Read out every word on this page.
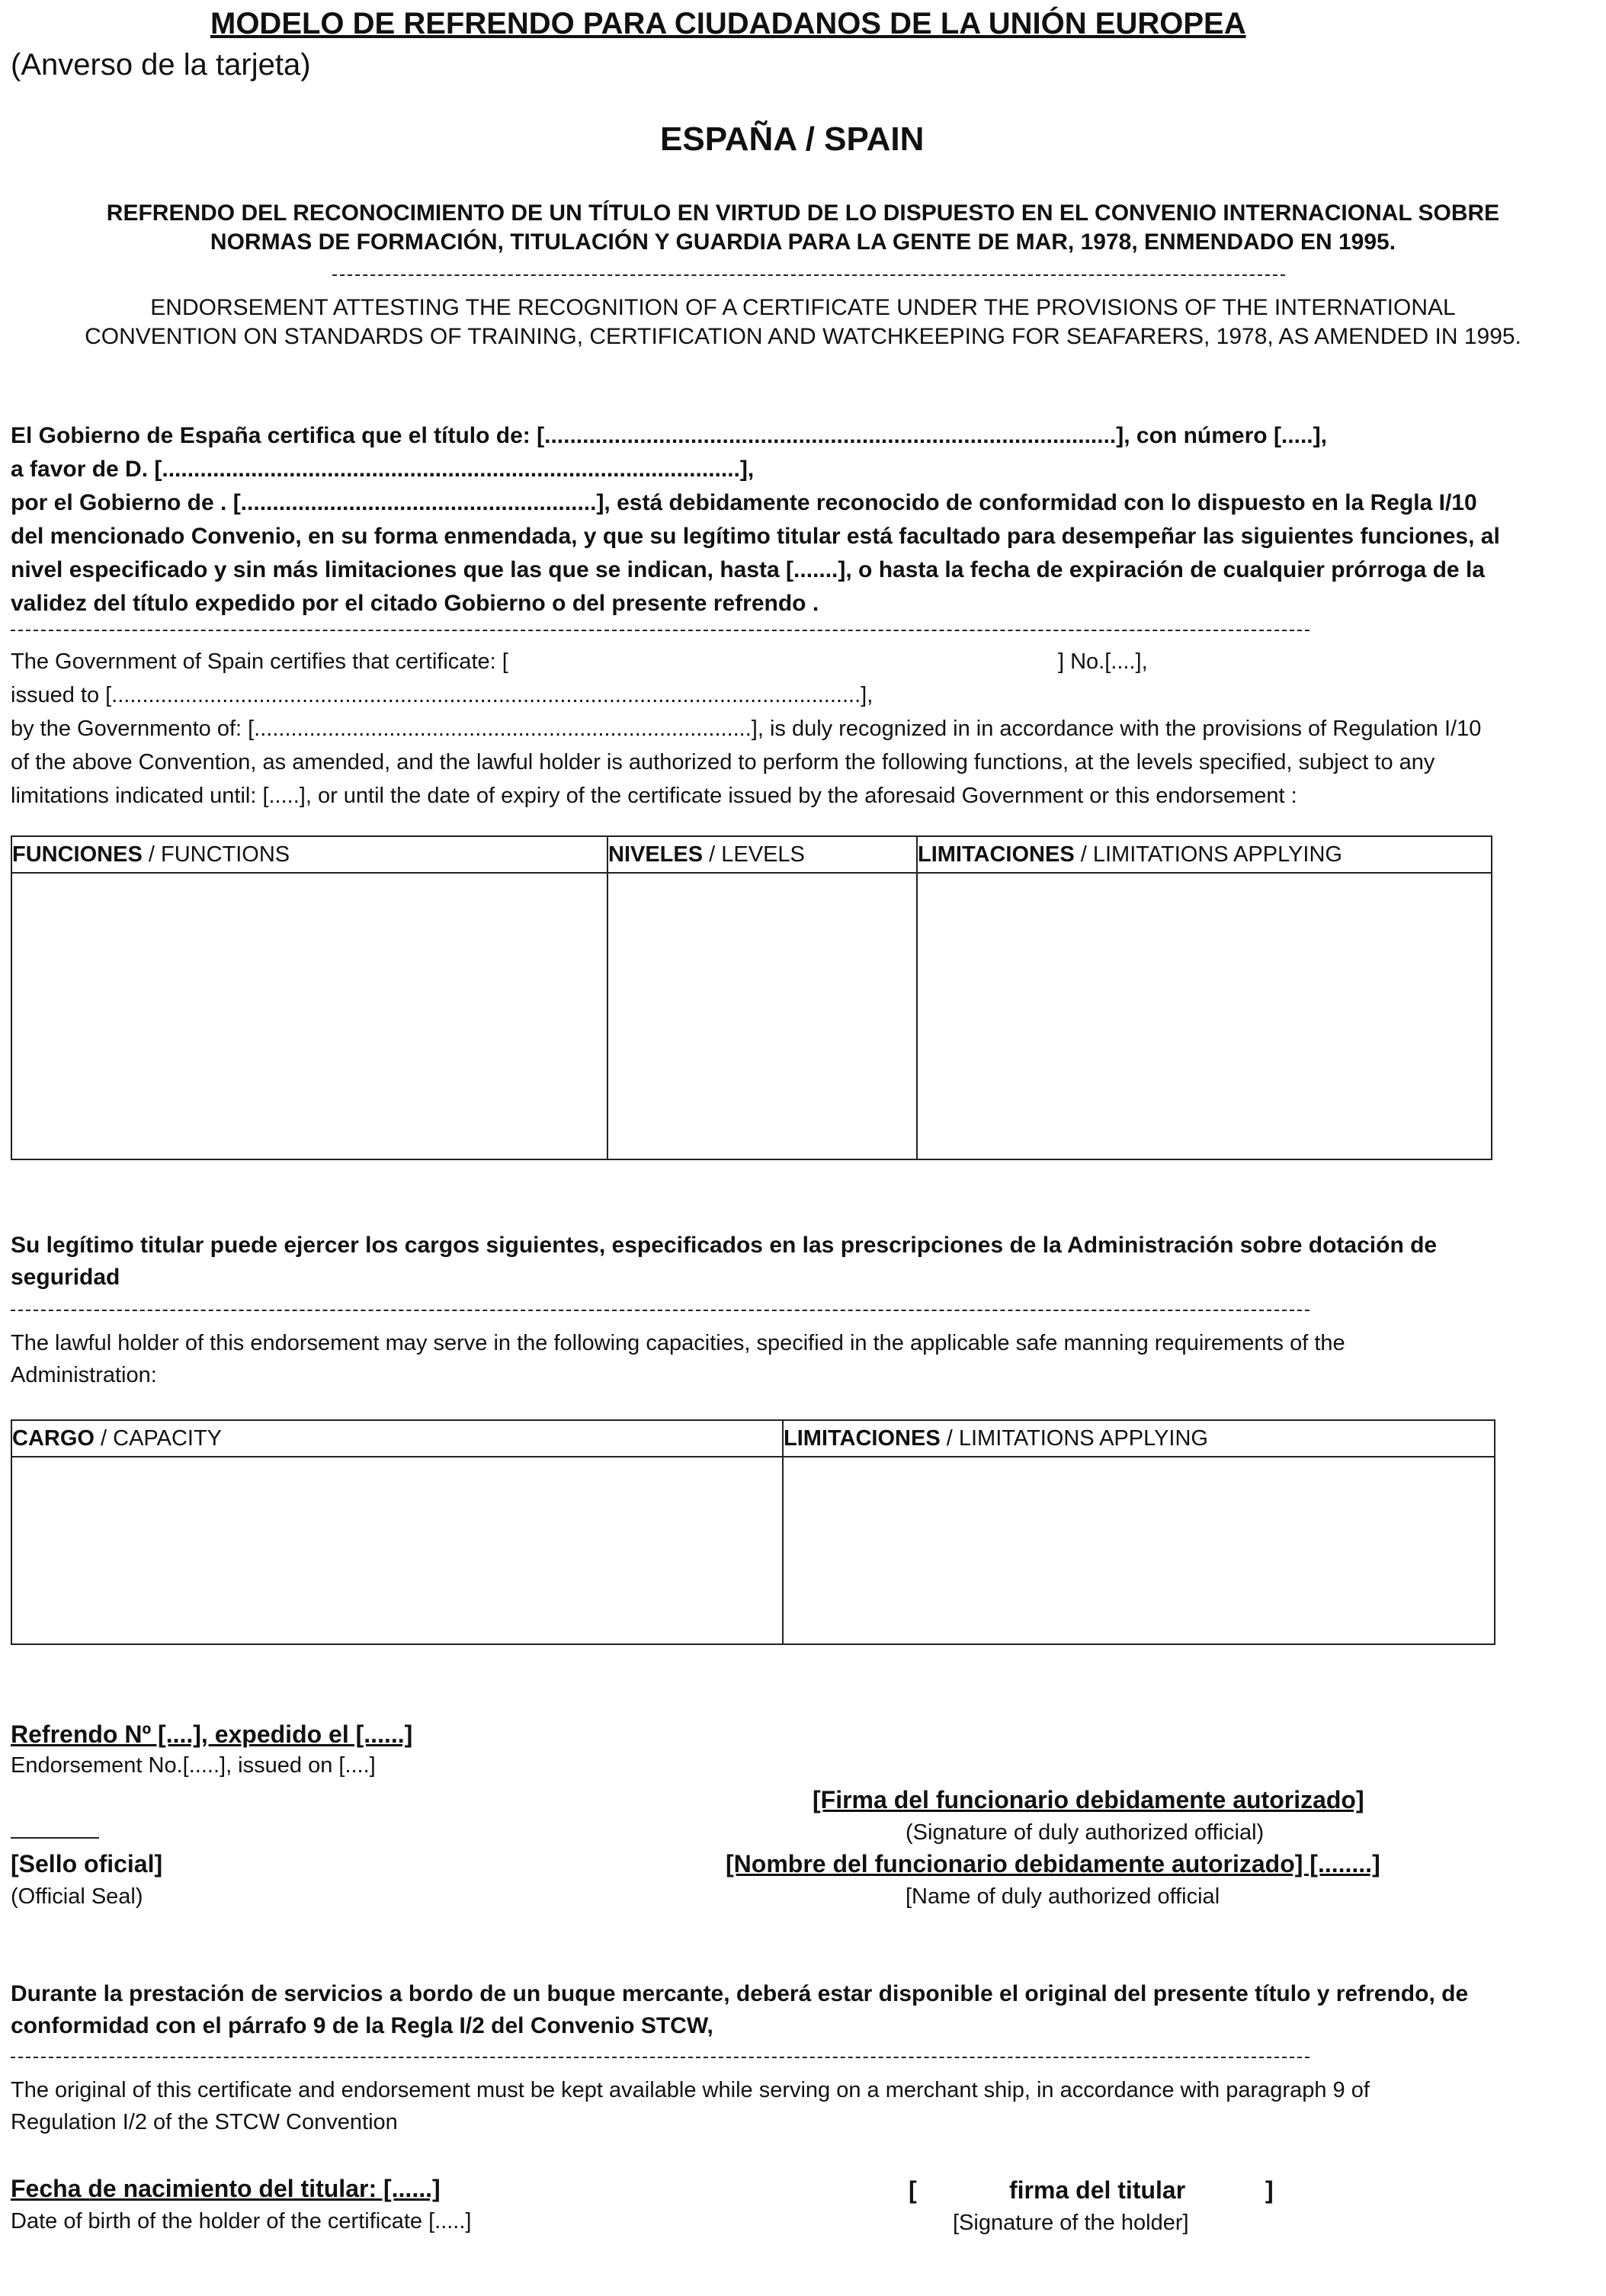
MODELO DE REFRENDO PARA CIUDADANOS DE LA UNIÓN EUROPEA
(Anverso de la tarjeta)
ESPAÑA / SPAIN
REFRENDO DEL RECONOCIMIENTO DE UN TÍTULO EN VIRTUD DE LO DISPUESTO EN EL CONVENIO INTERNACIONAL SOBRE
NORMAS DE FORMACIÓN, TITULACIÓN Y GUARDIA PARA LA GENTE DE MAR, 1978, ENMENDADO EN 1995.
ENDORSEMENT ATTESTING THE RECOGNITION OF A CERTIFICATE UNDER THE PROVISIONS OF THE INTERNATIONAL
CONVENTION ON STANDARDS OF TRAINING, CERTIFICATION AND WATCHKEEPING FOR SEAFARERS, 1978, AS AMENDED IN 1995.
El Gobierno de España certifica que el título de: [..........................................................................................], con número [.....],
a favor de D. [...........................................................................................],
por el Gobierno de . [........................................................], está debidamente reconocido de conformidad con lo dispuesto en la Regla I/10
del mencionado Convenio, en su forma enmendada, y que su legítimo titular está facultado para desempeñar las siguientes funciones, al
nivel especificado y sin más limitaciones que las que se indican, hasta [.......], o hasta la fecha de expiración de cualquier prórroga de la
validez del título expedido por el citado Gobierno o del presente refrendo .
The Government of Spain certifies that certificate: [	] No.[....],
issued to [..........................................................................................................................],
by the Governmento of: [.................................................................................], is duly recognized in in accordance with the provisions of Regulation I/10
of the above Convention, as amended, and the lawful holder is authorized to perform the following functions, at the levels specified, subject to any
limitations indicated until: [.....], or until the date of expiry of the certificate issued by the aforesaid Government or this endorsement :
FUNCIONES / FUNCTIONS	NIVELES / LEVELS	LIMITACIONES / LIMITATIONS APPLYING

Su legítimo titular puede ejercer los cargos siguientes, especificados en las prescripciones de la Administración sobre dotación de
seguridad
The lawful holder of this endorsement may serve in the following capacities, specified in the applicable safe manning requirements of the
Administration:
CARGO / CAPACITY	LIMITACIONES / LIMITATIONS APPLYING

Refrendo Nº [....], expedido el [......]
Endorsement No.[.....], issued on [....]
[Firma del funcionario debidamente autorizado]
(Signature of duly authorized official)
[Nombre del funcionario debidamente autorizado] [........]
[Name of duly authorized official
[Sello oficial]
(Official Seal)
Durante la prestación de servicios a bordo de un buque mercante, deberá estar disponible el original del presente título y refrendo, de
conformidad con el párrafo 9 de la Regla I/2 del Convenio STCW,
The original of this certificate and endorsement must be kept available while serving on a merchant ship, in accordance with paragraph 9 of
Regulation I/2 of the STCW Convention
Fecha de nacimiento del titular: [......]
Date of birth of the holder of the certificate [.....]
[	firma del titular	]
[Signature of the holder]
